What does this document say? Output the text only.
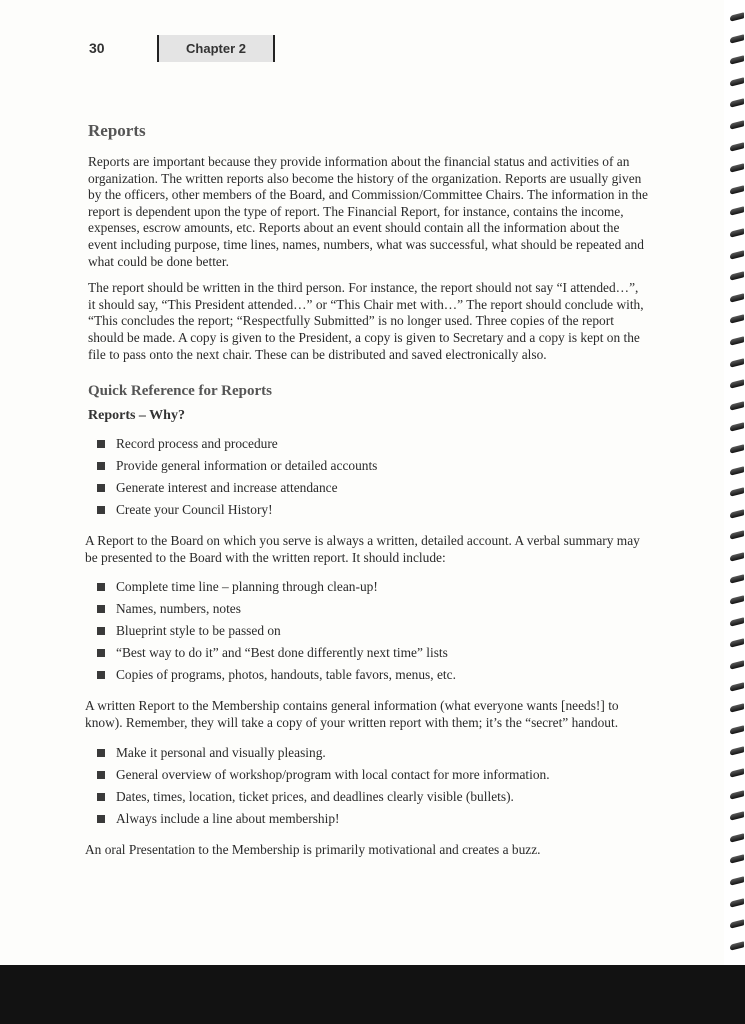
30	Chapter 2
Reports

Reports are important because they provide information about the financial status and activities of an organization. The written reports also become the history of the organization. Reports are usually given by the officers, other members of the Board, and Commission/Committee Chairs. The information in the report is dependent upon the type of report. The Financial Report, for instance, contains the income, expenses, escrow amounts, etc. Reports about an event should contain all the information about the event including purpose, time lines, names, numbers, what was successful, what should be repeated and what could be done better.

The report should be written in the third person. For instance, the report should not say “I attended…”, it should say, “This President attended…” or “This Chair met with…” The report should conclude with, “This concludes the report; “Respectfully Submitted” is no longer used. Three copies of the report should be made. A copy is given to the President, a copy is given to Secretary and a copy is kept on the file to pass onto the next chair. These can be distributed and saved electronically also.

Quick Reference for Reports
Reports – Why?
Record process and procedure
Provide general information or detailed accounts
Generate interest and increase attendance
Create your Council History!

A Report to the Board on which you serve is always a written, detailed account. A verbal summary may be presented to the Board with the written report. It should include:

Complete time line – planning through clean-up!
Names, numbers, notes
Blueprint style to be passed on
“Best way to do it” and “Best done differently next time” lists
Copies of programs, photos, handouts, table favors, menus, etc.

A written Report to the Membership contains general information (what everyone wants [needs!] to know). Remember, they will take a copy of your written report with them; it’s the “secret” handout.

Make it personal and visually pleasing.
General overview of workshop/program with local contact for more information.
Dates, times, location, ticket prices, and deadlines clearly visible (bullets).
Always include a line about membership!

An oral Presentation to the Membership is primarily motivational and creates a buzz.
